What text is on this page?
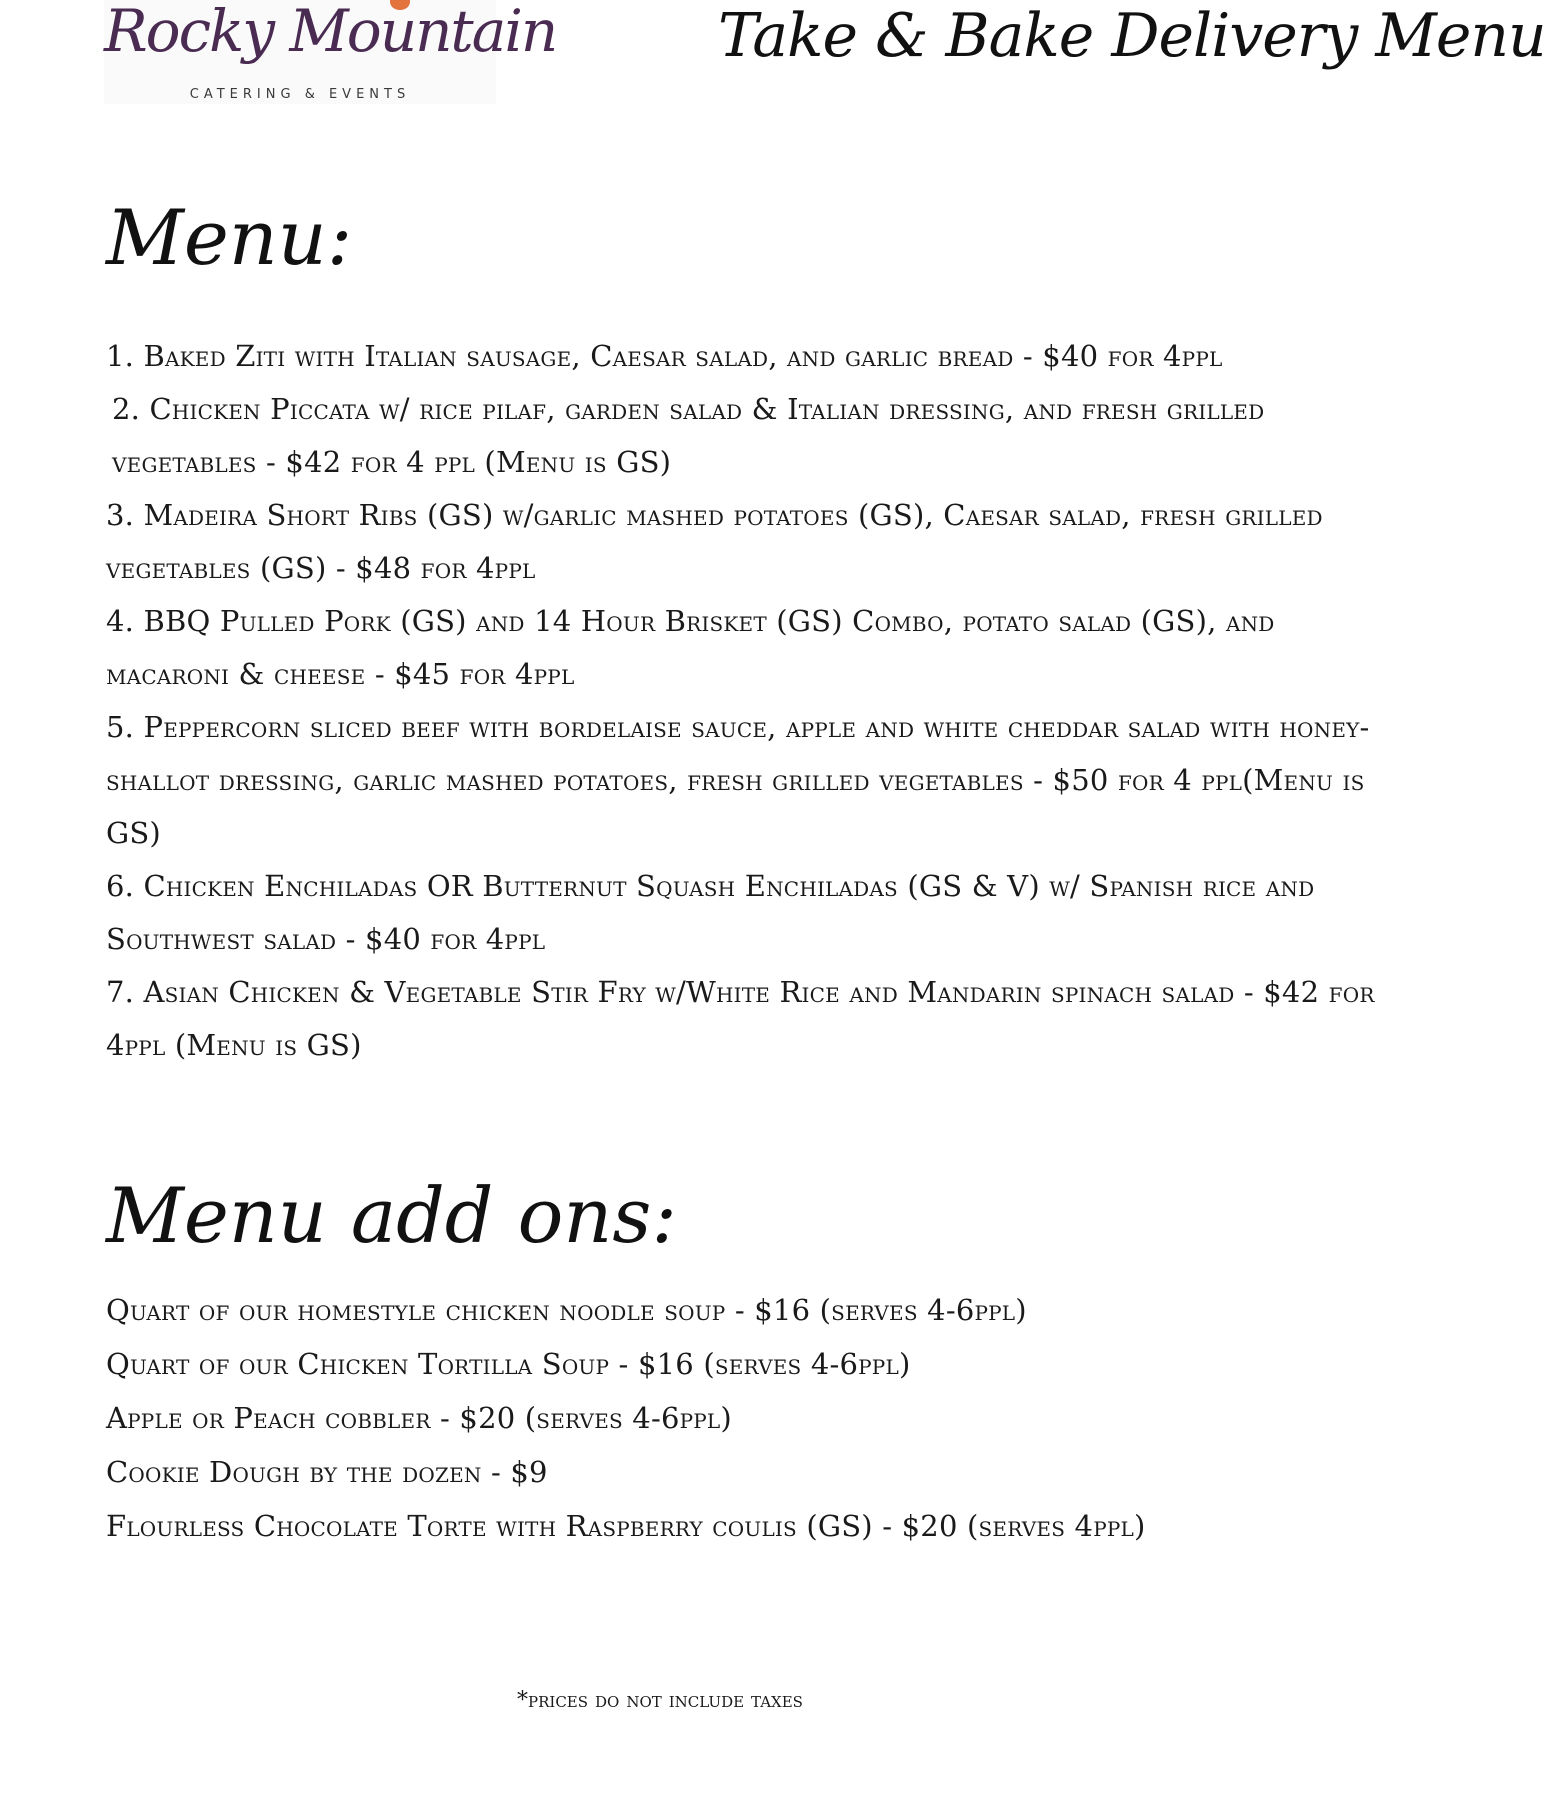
Rocky Mountain
CATERING & EVENTS
Take & Bake Delivery Menu
Menu:
1. Baked Ziti with Italian sausage, Caesar salad, and garlic bread - $40 for 4ppl
2. Chicken Piccata w/ rice pilaf, garden salad & Italian dressing, and fresh grilled vegetables - $42 for 4 ppl (Menu is GS)
3. Madeira Short Ribs (GS) w/garlic mashed potatoes (GS), Caesar salad, fresh grilled vegetables (GS) - $48 for 4ppl
4. BBQ Pulled Pork (GS) and 14 Hour Brisket (GS) Combo, potato salad (GS), and macaroni & cheese - $45 for 4ppl
5. Peppercorn sliced beef with bordelaise sauce, apple and white cheddar salad with honey-shallot dressing, garlic mashed potatoes, fresh grilled vegetables - $50 for 4 ppl(Menu is GS)
6. Chicken Enchiladas OR Butternut Squash Enchiladas (GS & V) w/ Spanish rice and Southwest salad - $40 for 4ppl
7. Asian Chicken & Vegetable Stir Fry w/White Rice and Mandarin spinach salad - $42 for 4ppl (Menu is GS)
Menu add ons:
Quart of our homestyle chicken noodle soup - $16 (serves 4-6ppl)
Quart of our Chicken Tortilla Soup - $16 (serves 4-6ppl)
Apple or Peach cobbler - $20 (serves 4-6ppl)
Cookie Dough by the dozen - $9
Flourless Chocolate Torte with Raspberry coulis (GS) - $20 (serves 4ppl)
*prices do not include taxes
